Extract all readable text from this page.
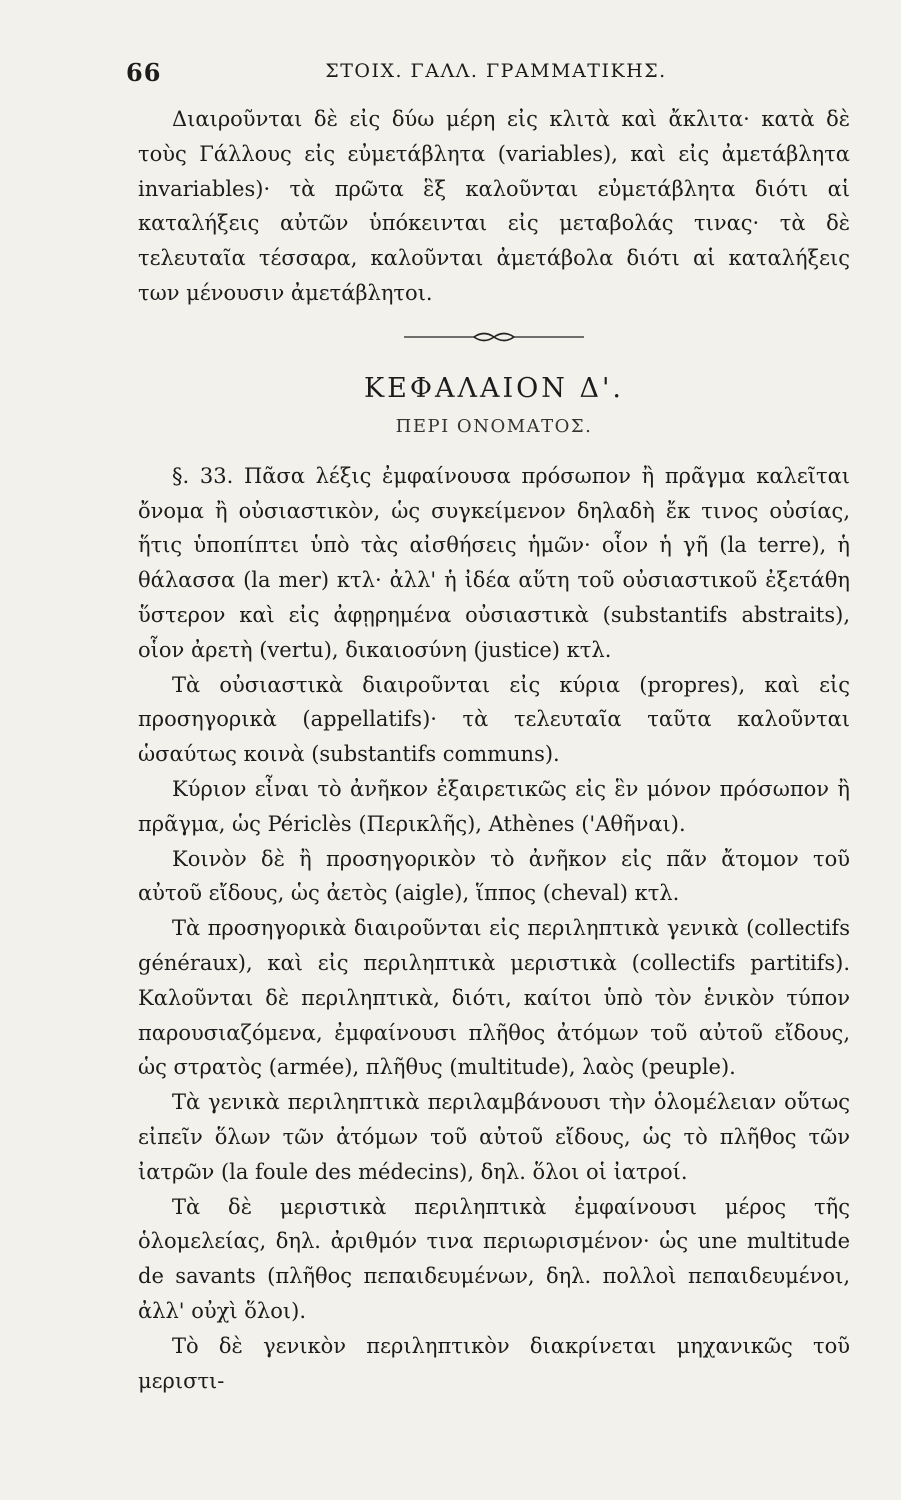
66	ΣΤΟΙΧ. ΓΑΛΛ. ΓΡΑΜΜΑΤΙΚΗΣ.

Διαιροῦνται δὲ εἰς δύω μέρη εἰς κλιτὰ καὶ ἄκλιτα· κατὰ δὲ τοὺς Γάλλους εἰς εὐμετάβλητα (variables), καὶ εἰς ἀμετάβλητα invariables)· τὰ πρῶτα ἓξ καλοῦνται εὐμετάβλητα διότι αἱ καταλήξεις αὐτῶν ὑπόκεινται εἰς μεταβολάς τινας· τὰ δὲ τελευταῖα τέσσαρα, καλοῦνται ἀμετάβολα διότι αἱ καταλήξεις των μένουσιν ἀμετάβλητοι.

ΚΕΦΑΛΑΙΟΝ Δ'.
ΠΕΡΙ ΟΝΟΜΑΤΟΣ.

§. 33. Πᾶσα λέξις ἐμφαίνουσα πρόσωπον ἢ πρᾶγμα καλεῖται ὄνομα ἢ οὐσιαστικὸν, ὡς συγκείμενον δηλαδὴ ἔκ τινος οὐσίας, ἥτις ὑποπίπτει ὑπὸ τὰς αἰσθήσεις ἡμῶν· οἷον ἡ γῆ (la terre), ἡ θάλασσα (la mer) κτλ· ἀλλ' ἡ ἰδέα αὕτη τοῦ οὐσιαστικοῦ ἐξετάθη ὕστερον καὶ εἰς ἀφῃρημένα οὐσιαστικὰ (substantifs abstraits), οἷον ἀρετὴ (vertu), δικαιοσύνη (justice) κτλ.

Τὰ οὐσιαστικὰ διαιροῦνται εἰς κύρια (propres), καὶ εἰς προσηγορικὰ (appellatifs)· τὰ τελευταῖα ταῦτα καλοῦνται ὡσαύτως κοινὰ (substantifs communs).

Κύριον εἶναι τὸ ἀνῆκον ἐξαιρετικῶς εἰς ἓν μόνον πρόσωπον ἢ πρᾶγμα, ὡς Périclès (Περικλῆς), Athènes ('Αθῆναι).

Κοινὸν δὲ ἢ προσηγορικὸν τὸ ἀνῆκον εἰς πᾶν ἄτομον τοῦ αὐτοῦ εἴδους, ὡς ἀετὸς (aigle), ἵππος (cheval) κτλ.

Τὰ προσηγορικὰ διαιροῦνται εἰς περιληπτικὰ γενικὰ (collectifs généraux), καὶ εἰς περιληπτικὰ μεριστικὰ (collectifs partitifs). Καλοῦνται δὲ περιληπτικὰ, διότι, καίτοι ὑπὸ τὸν ἑνικὸν τύπον παρουσιαζόμενα, ἐμφαίνουσι πλῆθος ἀτόμων τοῦ αὐτοῦ εἴδους, ὡς στρατὸς (armée), πλῆθυς (multitude), λαὸς (peuple).

Τὰ γενικὰ περιληπτικὰ περιλαμβάνουσι τὴν ὁλομέλειαν οὕτως εἰπεῖν ὅλων τῶν ἀτόμων τοῦ αὐτοῦ εἴδους, ὡς τὸ πλῆθος τῶν ἰατρῶν (la foule des médecins), δηλ. ὅλοι οἱ ἰατροί.

Τὰ δὲ μεριστικὰ περιληπτικὰ ἐμφαίνουσι μέρος τῆς ὁλομελείας, δηλ. ἀριθμόν τινα περιωρισμένον· ὡς une multitude de savants (πλῆθος πεπαιδευμένων, δηλ. πολλοὶ πεπαιδευμένοι, ἀλλ' οὐχὶ ὅλοι).

Τὸ δὲ γενικὸν περιληπτικὸν διακρίνεται μηχανικῶς τοῦ μεριστι-
